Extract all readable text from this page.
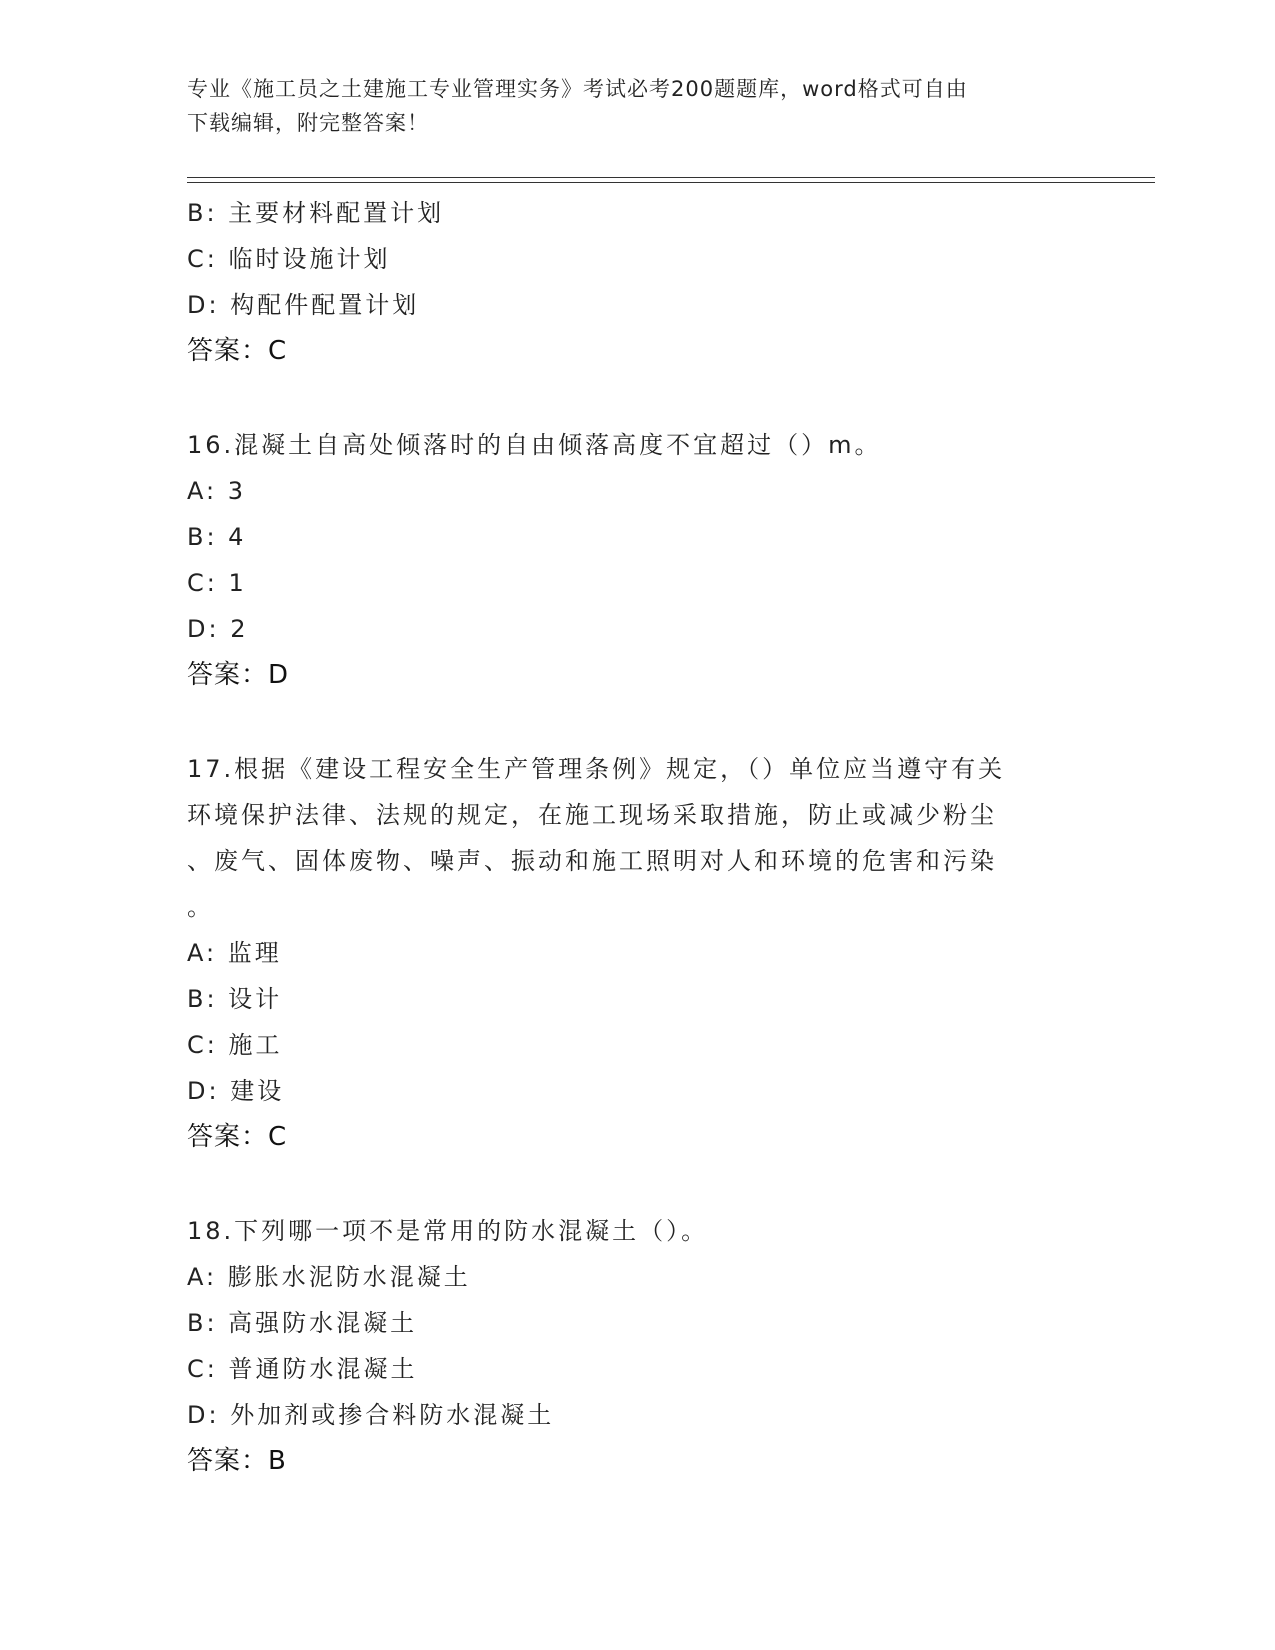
专业《施工员之土建施工专业管理实务》考试必考200题题库，word格式可自由
下载编辑，附完整答案！
B: 主要材料配置计划
C: 临时设施计划
D: 构配件配置计划
答案：C
16.混凝土自高处倾落时的自由倾落高度不宜超过（）m。
A: 3
B: 4
C: 1
D: 2
答案：D
17.根据《建设工程安全生产管理条例》规定，（）单位应当遵守有关
环境保护法律、法规的规定，在施工现场采取措施，防止或减少粉尘
、废气、固体废物、噪声、振动和施工照明对人和环境的危害和污染
。
A: 监理
B: 设计
C: 施工
D: 建设
答案：C
18.下列哪一项不是常用的防水混凝土（）。
A: 膨胀水泥防水混凝土
B: 高强防水混凝土
C: 普通防水混凝土
D: 外加剂或掺合料防水混凝土
答案：B
